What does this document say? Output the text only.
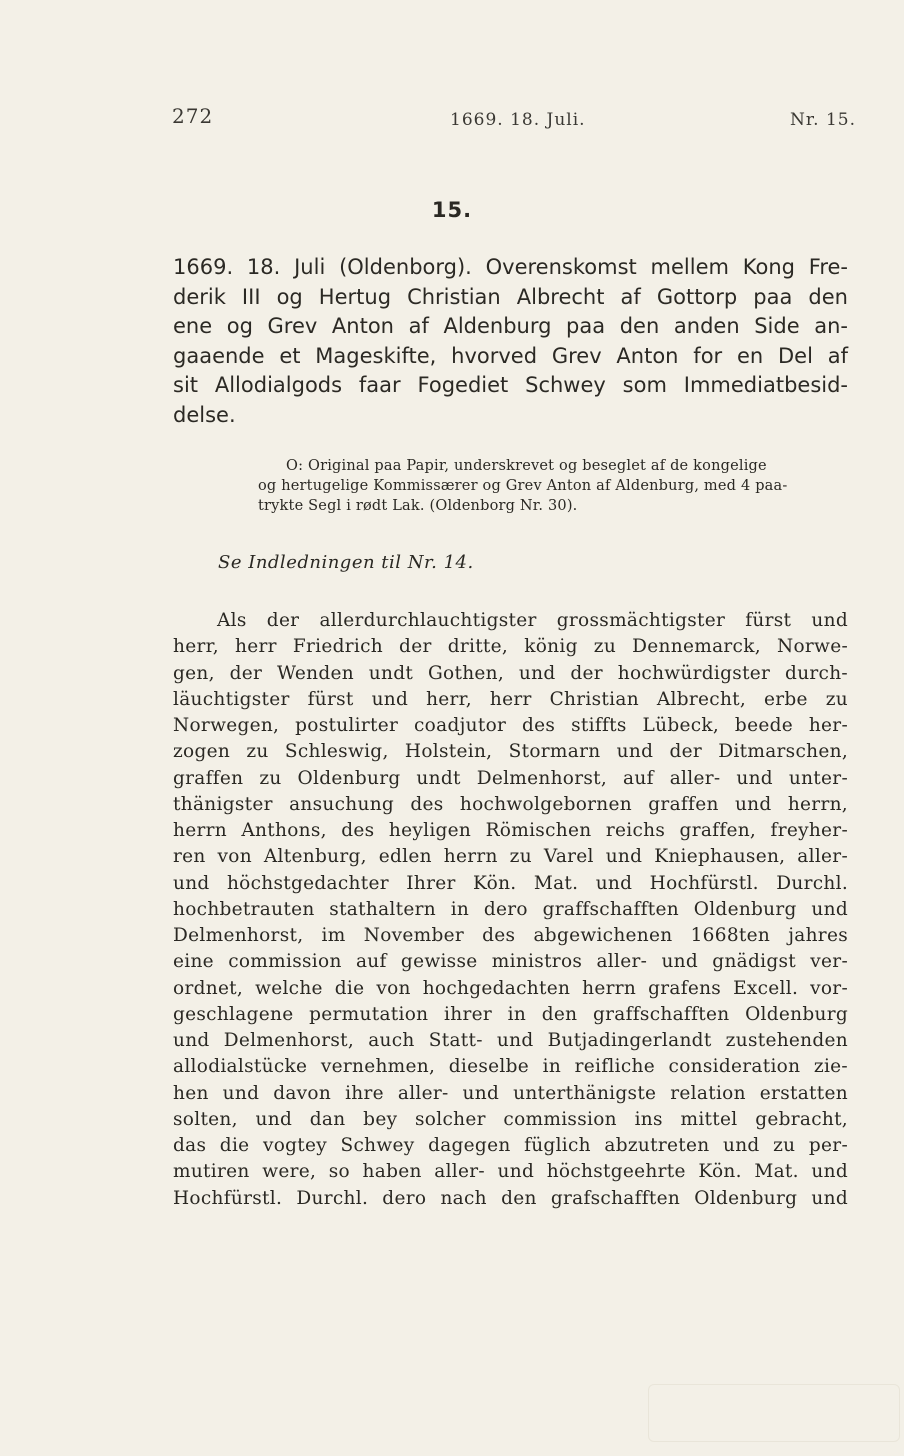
272	1669. 18. Juli.	Nr. 15.
15.
1669. 18. Juli (Oldenborg). Overenskomst mellem Kong Fre-
derik III og Hertug Christian Albrecht af Gottorp paa den
ene og Grev Anton af Aldenburg paa den anden Side an-
gaaende et Mageskifte, hvorved Grev Anton for en Del af
sit Allodialgods faar Fogediet Schwey som Immediatbesid-
delse.
O: Original paa Papir, underskrevet og beseglet af de kongelige
og hertugelige Kommissærer og Grev Anton af Aldenburg, med 4 paa-
trykte Segl i rødt Lak. (Oldenborg Nr. 30).
Se Indledningen til Nr. 14.
Als der allerdurchlauchtigster grossmächtigster fürst und
herr, herr Friedrich der dritte, könig zu Dennemarck, Norwe-
gen, der Wenden undt Gothen, und der hochwürdigster durch-
läuchtigster fürst und herr, herr Christian Albrecht, erbe zu
Norwegen, postulirter coadjutor des stiffts Lübeck, beede her-
zogen zu Schleswig, Holstein, Stormarn und der Ditmarschen,
graffen zu Oldenburg undt Delmenhorst, auf aller- und unter-
thänigster ansuchung des hochwolgebornen graffen und herrn,
herrn Anthons, des heyligen Römischen reichs graffen, freyher-
ren von Altenburg, edlen herrn zu Varel und Kniephausen, aller-
und höchstgedachter Ihrer Kön. Mat. und Hochfürstl. Durchl.
hochbetrauten stathaltern in dero graffschafften Oldenburg und
Delmenhorst, im November des abgewichenen 1668ten jahres
eine commission auf gewisse ministros aller- und gnädigst ver-
ordnet, welche die von hochgedachten herrn grafens Excell. vor-
geschlagene permutation ihrer in den graffschafften Oldenburg
und Delmenhorst, auch Statt- und Butjadingerlandt zustehenden
allodialstücke vernehmen, dieselbe in reifliche consideration zie-
hen und davon ihre aller- und unterthänigste relation erstatten
solten, und dan bey solcher commission ins mittel gebracht,
das die vogtey Schwey dagegen füglich abzutreten und zu per-
mutiren were, so haben aller- und höchstgeehrte Kön. Mat. und
Hochfürstl. Durchl. dero nach den grafschafften Oldenburg und
